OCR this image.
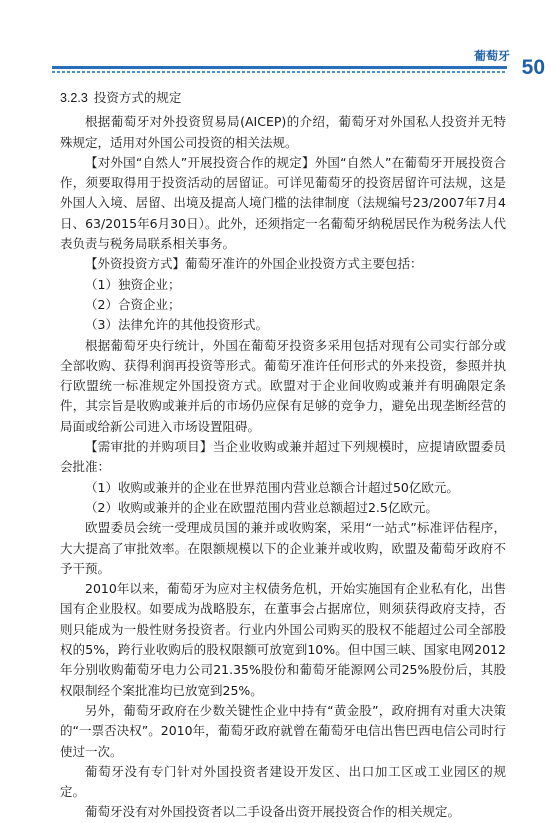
葡萄牙 50
3.2.3 投资方式的规定

根据葡萄牙对外投资贸易局(AICEP)的介绍，葡萄牙对外国私人投资并无特殊规定，适用对外国公司投资的相关法规。

【对外国“自然人”开展投资合作的规定】外国“自然人”在葡萄牙开展投资合作，须要取得用于投资活动的居留证。可详见葡萄牙的投资居留许可法规，这是外国人入境、居留、出境及提高人境门槛的法律制度（法规编号23/2007年7月4日、63/2015年6月30日）。此外，还须指定一名葡萄牙纳税居民作为税务法人代表负责与税务局联系相关事务。

【外资投资方式】葡萄牙准许的外国企业投资方式主要包括：

（1）独资企业；

（2）合资企业；

（3）法律允许的其他投资形式。

根据葡萄牙央行统计，外国在葡萄牙投资多采用包括对现有公司实行部分或全部收购、获得利润再投资等形式。葡萄牙准许任何形式的外来投资，参照并执行欧盟统一标准规定外国投资方式。欧盟对于企业间收购或兼并有明确限定条件，其宗旨是收购或兼并后的市场仍应保有足够的竞争力，避免出现垄断经营的局面或给新公司进入市场设置阻碍。

【需审批的并购项目】当企业收购或兼并超过下列规模时，应提请欧盟委员会批准：

（1）收购或兼并的企业在世界范围内营业总额合计超过50亿欧元。

（2）收购或兼并的企业在欧盟范围内营业总额超过2.5亿欧元。

欧盟委员会统一受理成员国的兼并或收购案，采用“一站式”标准评估程序，大大提高了审批效率。在限额规模以下的企业兼并或收购，欧盟及葡萄牙政府不予干预。

2010年以来，葡萄牙为应对主权债务危机，开始实施国有企业私有化，出售国有企业股权。如要成为战略股东，在董事会占据席位，则须获得政府支持，否则只能成为一般性财务投资者。行业内外国公司购买的股权不能超过公司全部股权的5%，跨行业收购后的股权限额可放宽到10%。但中国三峡、国家电网2012年分别收购葡萄牙电力公司21.35%股份和葡萄牙能源网公司25%股份后，其股权限制经个案批准均已放宽到25%。

另外，葡萄牙政府在少数关键性企业中持有“黄金股”，政府拥有对重大决策的“一票否决权”。2010年，葡萄牙政府就曾在葡萄牙电信出售巴西电信公司时行使过一次。

葡萄牙没有专门针对外国投资者建设开发区、出口加工区或工业园区的规定。

葡萄牙没有对外国投资者以二手设备出资开展投资合作的相关规定。
